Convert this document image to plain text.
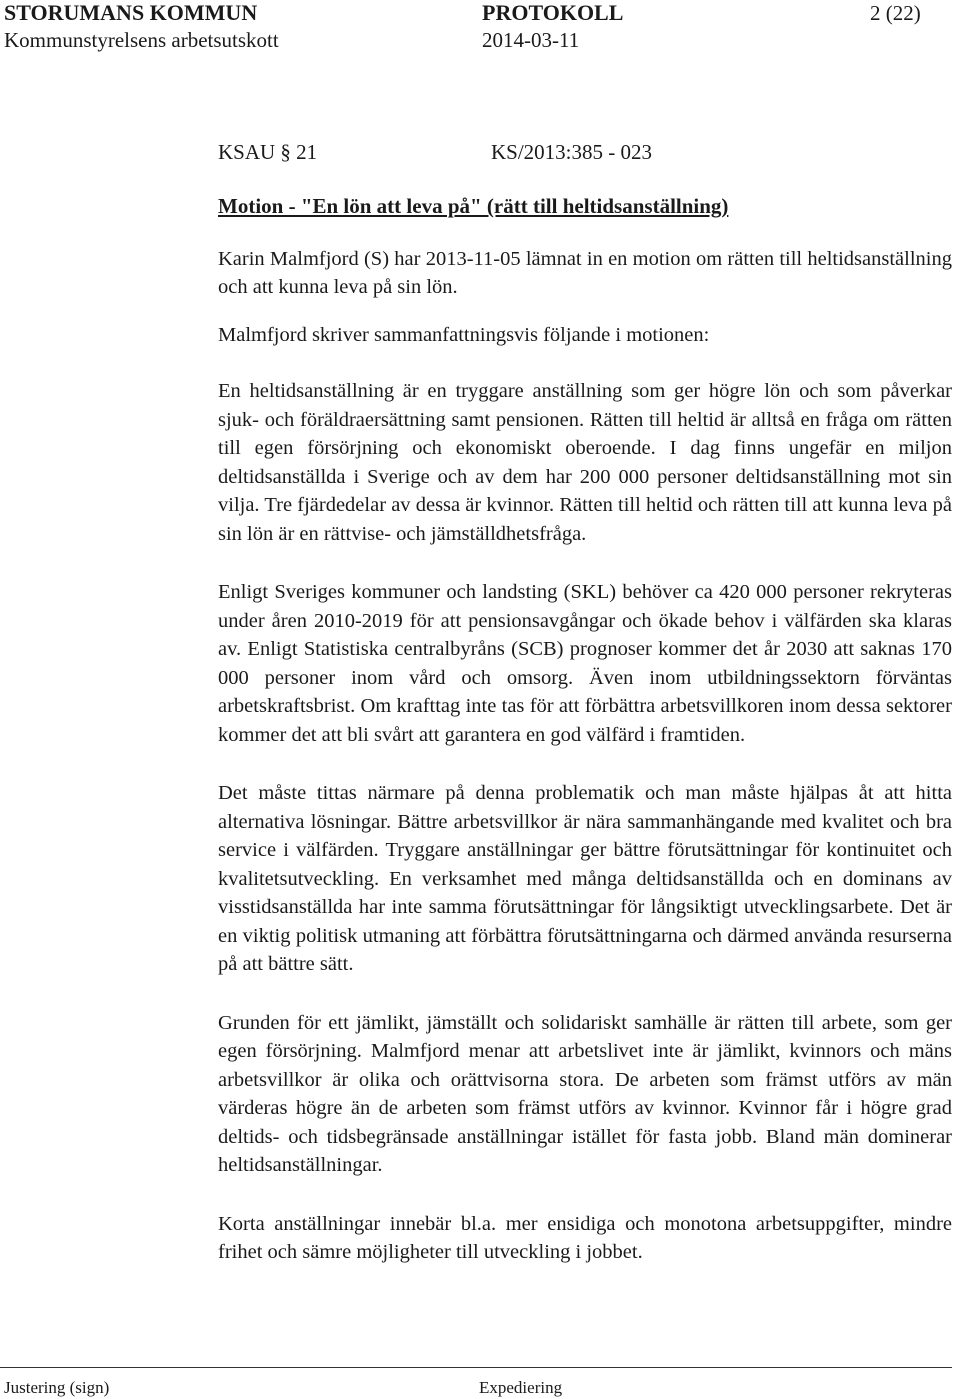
STORUMANS KOMMUN	PROTOKOLL	2 (22)
Kommunstyrelsens arbetsutskott	2014-03-11
KSAU § 21	KS/2013:385 - 023
Motion - "En lön att leva på" (rätt till heltidsanställning)

Karin Malmfjord (S) har 2013-11-05 lämnat in en motion om rätten till heltidsanställning och att kunna leva på sin lön.

Malmfjord skriver sammanfattningsvis följande i motionen:

En heltidsanställning är en tryggare anställning som ger högre lön och som påverkar sjuk- och föräldraersättning samt pensionen. Rätten till heltid är alltså en fråga om rätten till egen försörjning och ekonomiskt oberoende. I dag finns ungefär en miljon deltidsanställda i Sverige och av dem har 200 000 personer deltidsanställning mot sin vilja. Tre fjärdedelar av dessa är kvinnor. Rätten till heltid och rätten till att kunna leva på sin lön är en rättvise- och jämställdhetsfråga.

Enligt Sveriges kommuner och landsting (SKL) behöver ca 420 000 personer rekryteras under åren 2010-2019 för att pensionsavgångar och ökade behov i välfärden ska klaras av. Enligt Statistiska centralbyråns (SCB) prognoser kommer det år 2030 att saknas 170 000 personer inom vård och omsorg. Även inom utbildningssektorn förväntas arbetskraftsbrist. Om krafttag inte tas för att förbättra arbetsvillkoren inom dessa sektorer kommer det att bli svårt att garantera en god välfärd i framtiden.

Det måste tittas närmare på denna problematik och man måste hjälpas åt att hitta alternativa lösningar. Bättre arbetsvillkor är nära sammanhängande med kvalitet och bra service i välfärden. Tryggare anställningar ger bättre förutsättningar för kontinuitet och kvalitetsutveckling. En verksamhet med många deltidsanställda och en dominans av visstidsanställda har inte samma förutsättningar för långsiktigt utvecklingsarbete. Det är en viktig politisk utmaning att förbättra förutsättningarna och därmed använda resurserna på att bättre sätt.

Grunden för ett jämlikt, jämställt och solidariskt samhälle är rätten till arbete, som ger egen försörjning. Malmfjord menar att arbetslivet inte är jämlikt, kvinnors och mäns arbetsvillkor är olika och orättvisorna stora. De arbeten som främst utförs av män värderas högre än de arbeten som främst utförs av kvinnor. Kvinnor får i högre grad deltids- och tidsbegränsade anställningar istället för fasta jobb. Bland män dominerar heltidsanställningar.

Korta anställningar innebär bl.a. mer ensidiga och monotona arbetsuppgifter, mindre frihet och sämre möjligheter till utveckling i jobbet.

Justering (sign)	Expediering
